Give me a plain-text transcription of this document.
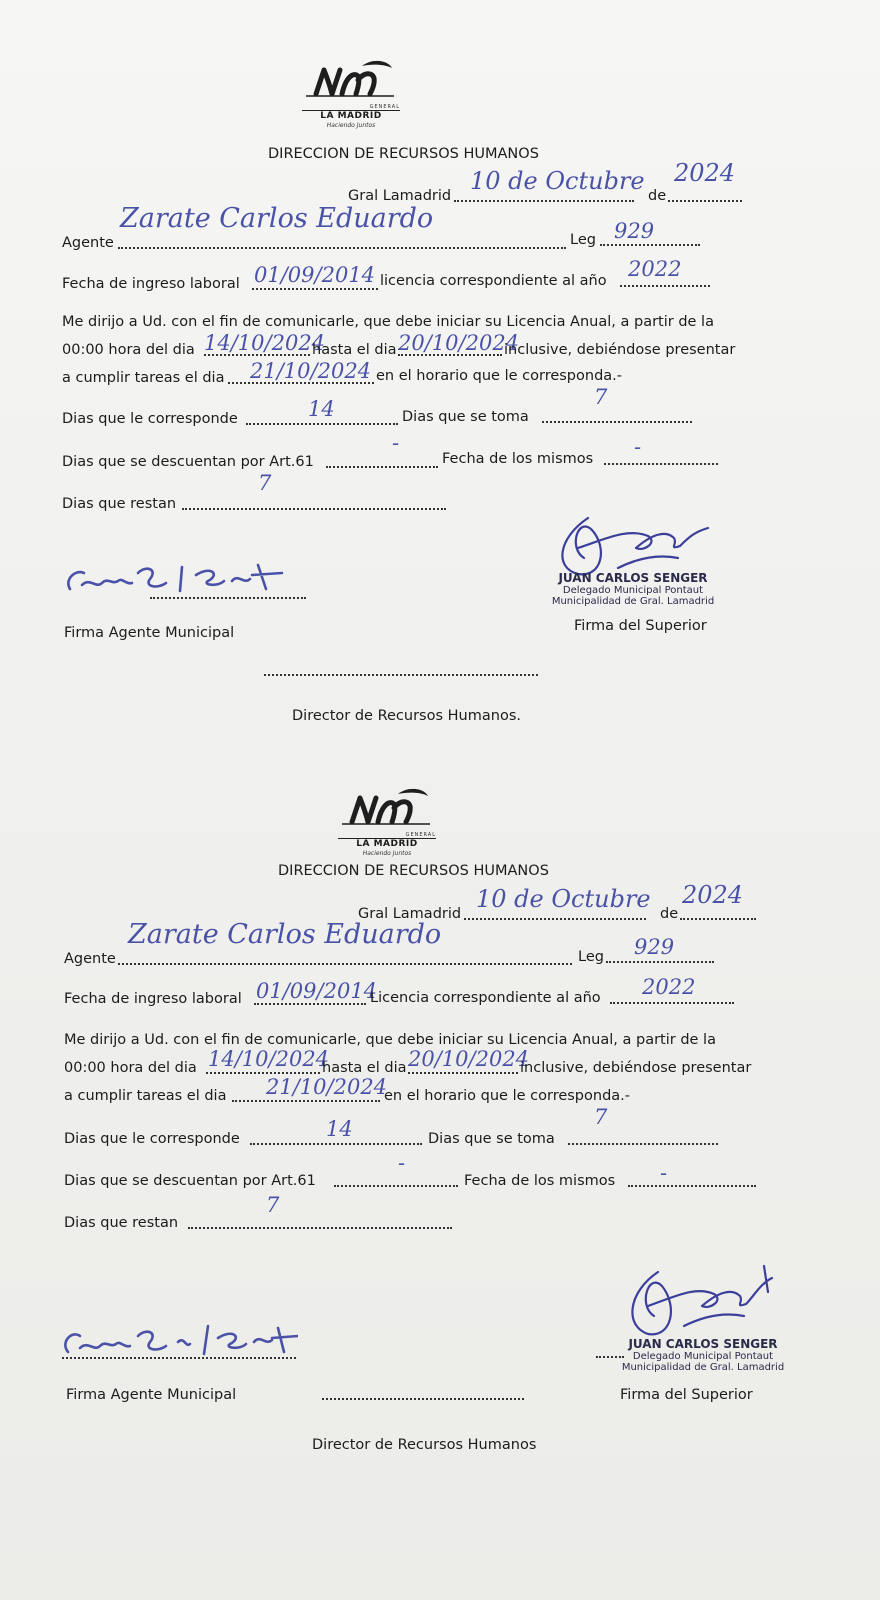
GENERAL
LA MADRID
Haciendo Juntos
DIRECCION DE RECURSOS HUMANOS
Gral Lamadrid
10 de Octubre
de
2024
Agente
Zarate Carlos Eduardo
Leg 929
Fecha de ingreso laboral 01/09/2014 licencia correspondiente al año 2022
Me dirijo a Ud. con el fin de comunicarle, que debe iniciar su Licencia Anual, a partir de la
00:00 hora del dia 14/10/2024
hasta el dia 20/10/2024
inclusive, debiéndose presentar
a cumplir tareas el dia 21/10/2024 en el horario que le corresponda.-
Dias que le corresponde	14	Dias que se toma
7
Dias que se descuentan por Art.61
-
Fecha de los mismos -
Dias que restan
7
JUAN CARLOS SENGER
Delegado Municipal Pontaut
Municipalidad de Gral. Lamadrid
Firma Agente Municipal	Firma del Superior
Director de Recursos Humanos.
GENERAL
LA MADRID
Haciendo Juntos
DIRECCION DE RECURSOS HUMANOS
Gral Lamadrid
10 de Octubre
de
2024
Agente
Zarate Carlos Eduardo
Leg 929
Fecha de ingreso laboral 01/09/2014
Licencia correspondiente al año 2022
Me dirijo a Ud. con el fin de comunicarle, que debe iniciar su Licencia Anual, a partir de la
00:00 hora del dia 14/10/2024
hasta el dia 20/10/2024
inclusive, debiéndose presentar
a cumplir tareas el dia 21/10/2024
en el horario que le corresponda.-
Dias que le corresponde	14	Dias que se toma
7
Dias que se descuentan por Art.61
-
Fecha de los mismos -
Dias que restan
7
JUAN CARLOS SENGER
Delegado Municipal Pontaut
Municipalidad de Gral. Lamadrid
Firma Agente Municipal	Firma del Superior
Director de Recursos Humanos
